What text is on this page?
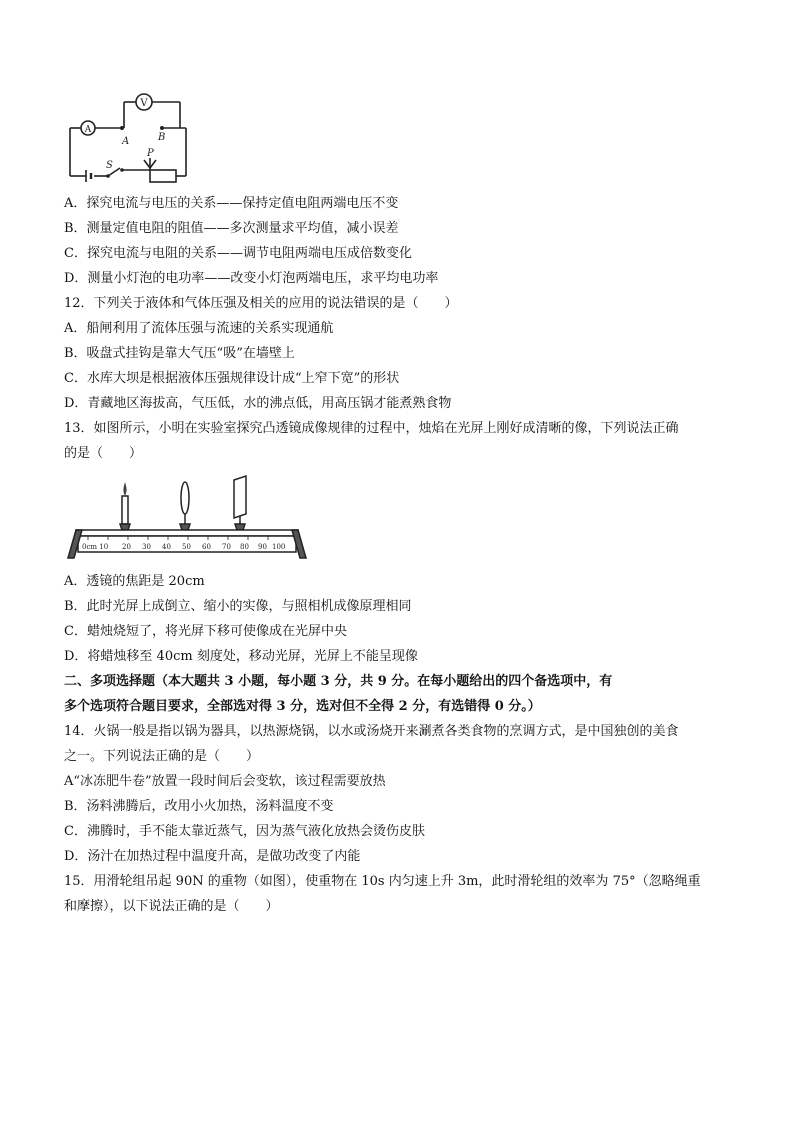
V
A
A	B
S
P
A．探究电流与电压的关系——保持定值电阻两端电压不变
B．测量定值电阻的阻值——多次测量求平均值，减小误差
C．探究电流与电阻的关系——调节电阻两端电压成倍数变化
D．测量小灯泡的电功率——改变小灯泡两端电压，求平均电功率
12．下列关于液体和气体压强及相关的应用的说法错误的是（　　）
A．船闸利用了流体压强与流速的关系实现通航
B．吸盘式挂钩是靠大气压“吸”在墙壁上
C．水库大坝是根据液体压强规律设计成“上窄下宽”的形状
D．青藏地区海拔高，气压低，水的沸点低，用高压锅才能煮熟食物
13．如图所示，小明在实验室探究凸透镜成像规律的过程中，烛焰在光屏上刚好成清晰的像，下列说法正确
的是（　　）
0cm 10 20 30 40 50 60 70 80 90 100
A．透镜的焦距是 20cm
B．此时光屏上成倒立、缩小的实像，与照相机成像原理相同
C．蜡烛烧短了，将光屏下移可使像成在光屏中央
D．将蜡烛移至 40cm 刻度处，移动光屏，光屏上不能呈现像
二、多项选择题（本大题共 3 小题，每小题 3 分，共 9 分。在每小题给出的四个备选项中，有
多个选项符合题目要求，全部选对得 3 分，选对但不全得 2 分，有选错得 0 分。）
14．火锅一般是指以锅为器具，以热源烧锅，以水或汤烧开来涮煮各类食物的烹调方式，是中国独创的美食
之一。下列说法正确的是（　　）
A“冰冻肥牛卷”放置一段时间后会变软，该过程需要放热
B．汤料沸腾后，改用小火加热，汤料温度不变
C．沸腾时，手不能太靠近蒸气，因为蒸气液化放热会烫伤皮肤
D．汤汁在加热过程中温度升高，是做功改变了内能
15．用滑轮组吊起 90N 的重物（如图），使重物在 10s 内匀速上升 3m，此时滑轮组的效率为 75°（忽略绳重
和摩擦），以下说法正确的是（　　）
